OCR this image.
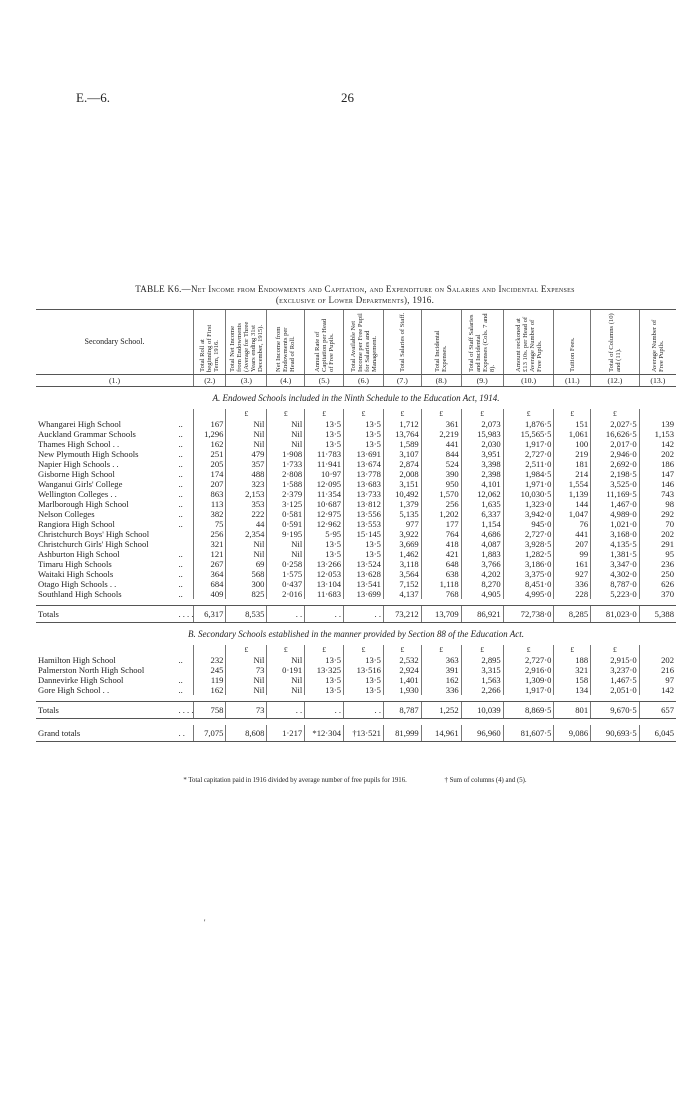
E.—6.	26
TABLE K6.—Net Income from Endowments and Capitation, and Expenditure on Salaries and Incidental Expenses
(exclusive of Lower Departments), 1916.
Secondary School.		Total Roll at beginning of First Term, 1916.	Total Net Income from Endowments (Average for Three Years ending 31st December, 1915).	Net Income from Endowments per Head of Roll.	Annual Rate of Capitation per Head of Free Pupils.	Total Available Net Income per Free Pupil for Salaries and Management.	Total Salaries of Staff.	Total Incidental Expenses.	Total of Staff Salaries and Incidental Expenses (Cols. 7 and 8).	Amount reckoned at £13 10s. per Head of Average Number of Free Pupils.	Tuition Fees.	Total of Columns (10) and (11).	Average Number of Free Pupils.
(1.)		(2.)	(3.)	(4.)	(5.)	(6.)	(7.)	(8.)	(9.)	(10.)	(11.)	(12.)	(13.)
A. Endowed Schools included in the Ninth Schedule to the Education Act, 1914.													
			£	£	£	£	£	£	£	£	£	£	
Whangarei High School	..	167	Nil	Nil	13·5	13·5	1,712	361	2,073	1,876·5	151	2,027·5	139
Auckland Grammar Schools	..	1,296	Nil	Nil	13·5	13·5	13,764	2,219	15,983	15,565·5	1,061	16,626·5	1,153
Thames High School . .	..	162	Nil	Nil	13·5	13·5	1,589	441	2,030	1,917·0	100	2,017·0	142
New Plymouth High Schools	..	251	479	1·908	11·783	13·691	3,107	844	3,951	2,727·0	219	2,946·0	202
Napier High Schools . .	..	205	357	1·733	11·941	13·674	2,874	524	3,398	2,511·0	181	2,692·0	186
Gisborne High School	..	174	488	2·808	10·97	13·778	2,008	390	2,398	1,984·5	214	2,198·5	147
Wanganui Girls' College	..	207	323	1·588	12·095	13·683	3,151	950	4,101	1,971·0	1,554	3,525·0	146
Wellington Colleges . .	..	863	2,153	2·379	11·354	13·733	10,492	1,570	12,062	10,030·5	1,139	11,169·5	743
Marlborough High School	..	113	353	3·125	10·687	13·812	1,379	256	1,635	1,323·0	144	1,467·0	98
Nelson Colleges	..	382	222	0·581	12·975	13·556	5,135	1,202	6,337	3,942·0	1,047	4,989·0	292
Rangiora High School	..	75	44	0·591	12·962	13·553	977	177	1,154	945·0	76	1,021·0	70
Christchurch Boys' High School		256	2,354	9·195	5·95	15·145	3,922	764	4,686	2,727·0	441	3,168·0	202
Christchurch Girls' High School		321	Nil	Nil	13·5	13·5	3,669	418	4,087	3,928·5	207	4,135·5	291
Ashburton High School	..	121	Nil	Nil	13·5	13·5	1,462	421	1,883	1,282·5	99	1,381·5	95
Timaru High Schools	..	267	69	0·258	13·266	13·524	3,118	648	3,766	3,186·0	161	3,347·0	236
Waitaki High Schools	..	364	568	1·575	12·053	13·628	3,564	638	4,202	3,375·0	927	4,302·0	250
Otago High Schools . .	..	684	300	0·437	13·104	13·541	7,152	1,118	8,270	8,451·0	336	8,787·0	626
Southland High Schools	..	409	825	2·016	11·683	13·699	4,137	768	4,905	4,995·0	228	5,223·0	370

Totals	. . . .	6,317	8,535	. .	. .	. .	73,212	13,709	86,921	72,738·0	8,285	81,023·0	5,388
B. Secondary Schools established in the manner provided by Section 88 of the Education Act.													
			£	£	£	£	£	£	£	£	£	£	
Hamilton High School	..	232	Nil	Nil	13·5	13·5	2,532	363	2,895	2,727·0	188	2,915·0	202
Palmerston North High School		245	73	0·191	13·325	13·516	2,924	391	3,315	2,916·0	321	3,237·0	216
Dannevirke High School	..	119	Nil	Nil	13·5	13·5	1,401	162	1,563	1,309·0	158	1,467·5	97
Gore High School . .	..	162	Nil	Nil	13·5	13·5	1,930	336	2,266	1,917·0	134	2,051·0	142

Totals	. . . .	758	73	. .	. .	. .	8,787	1,252	10,039	8,869·5	801	9,670·5	657

Grand totals	. .	7,075	8,608	1·217	*12·304	†13·521	81,999	14,961	96,960	81,607·5	9,086	90,693·5	6,045
* Total capitation paid in 1916 divided by average number of free pupils for 1916.	† Sum of columns (4) and (5).
'
